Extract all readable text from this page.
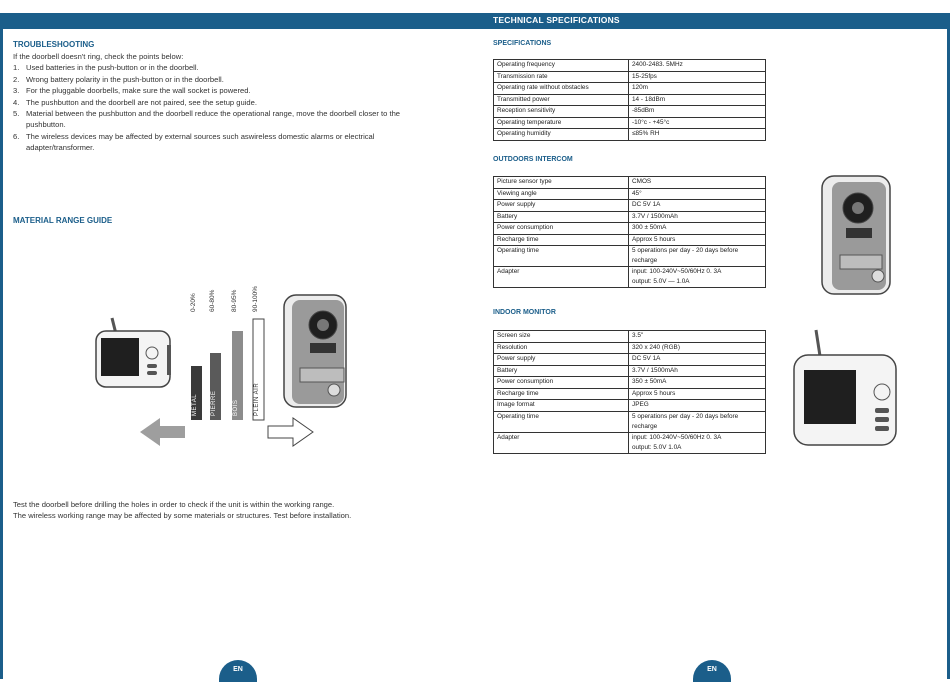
TECHNICAL SPECIFICATIONS
TROUBLESHOOTING
If the doorbell doesn't ring, check the points below:
1. Used batteries in the push-button or in the doorbell.
2. Wrong battery polarity in the push-button or in the doorbell.
3. For the pluggable doorbells, make sure the wall socket is powered.
4. The pushbutton and the doorbell are not paired, see the setup guide.
5. Material between the pushbutton and the doorbell reduce the operational range, move the doorbell closer to the pushbutton.
6. The wireless devices may be affected by external sources such aswireless domestic alarms or electrical adapter/transformer.
MATERIAL RANGE GUIDE
0-20%
METAL
60-80%
PIERRE
80-95%
BOIS
90-100%
PLEIN AIR
Test the doorbell before drilling the holes in order to check if the unit is within the working range.
The wireless working range may be affected by some materials or structures. Test before installation.
EN
SPECIFICATIONS
Operating frequency	2400-2483. 5MHz
Transmission rate	15-25fps
Operating rate without obstacles	120m
Transmitted power	14 - 18dBm
Reception sensitivity	-85dBm
Operating temperature	-10°c - +45°c
Operating humidity	≤85% RH
OUTDOORS INTERCOM
Picture sensor type	CMOS
Viewing angle	45°
Power supply	DC 5V 1A
Battery	3.7V / 1500mAh
Power consumption	300 ± 50mA
Recharge time	Approx 5 hours
Operating time	5 operations per day - 20 days before
recharge

Adapter	input: 100-240V~50/60Hz 0. 3A
output: 5.0V — 1.0A
INDOOR MONITOR
Screen size	3.5"
Resolution	320 x 240 (RGB)
Power supply	DC 5V 1A
Battery	3.7V / 1500mAh
Power consumption	350 ± 50mA
Recharge time	Approx 5 hours
Image format	JPEG
Operating time	5 operations per day - 20 days before
recharge

Adapter	input: 100-240V~50/60Hz 0. 3A
output: 5.0V 1.0A
EN
